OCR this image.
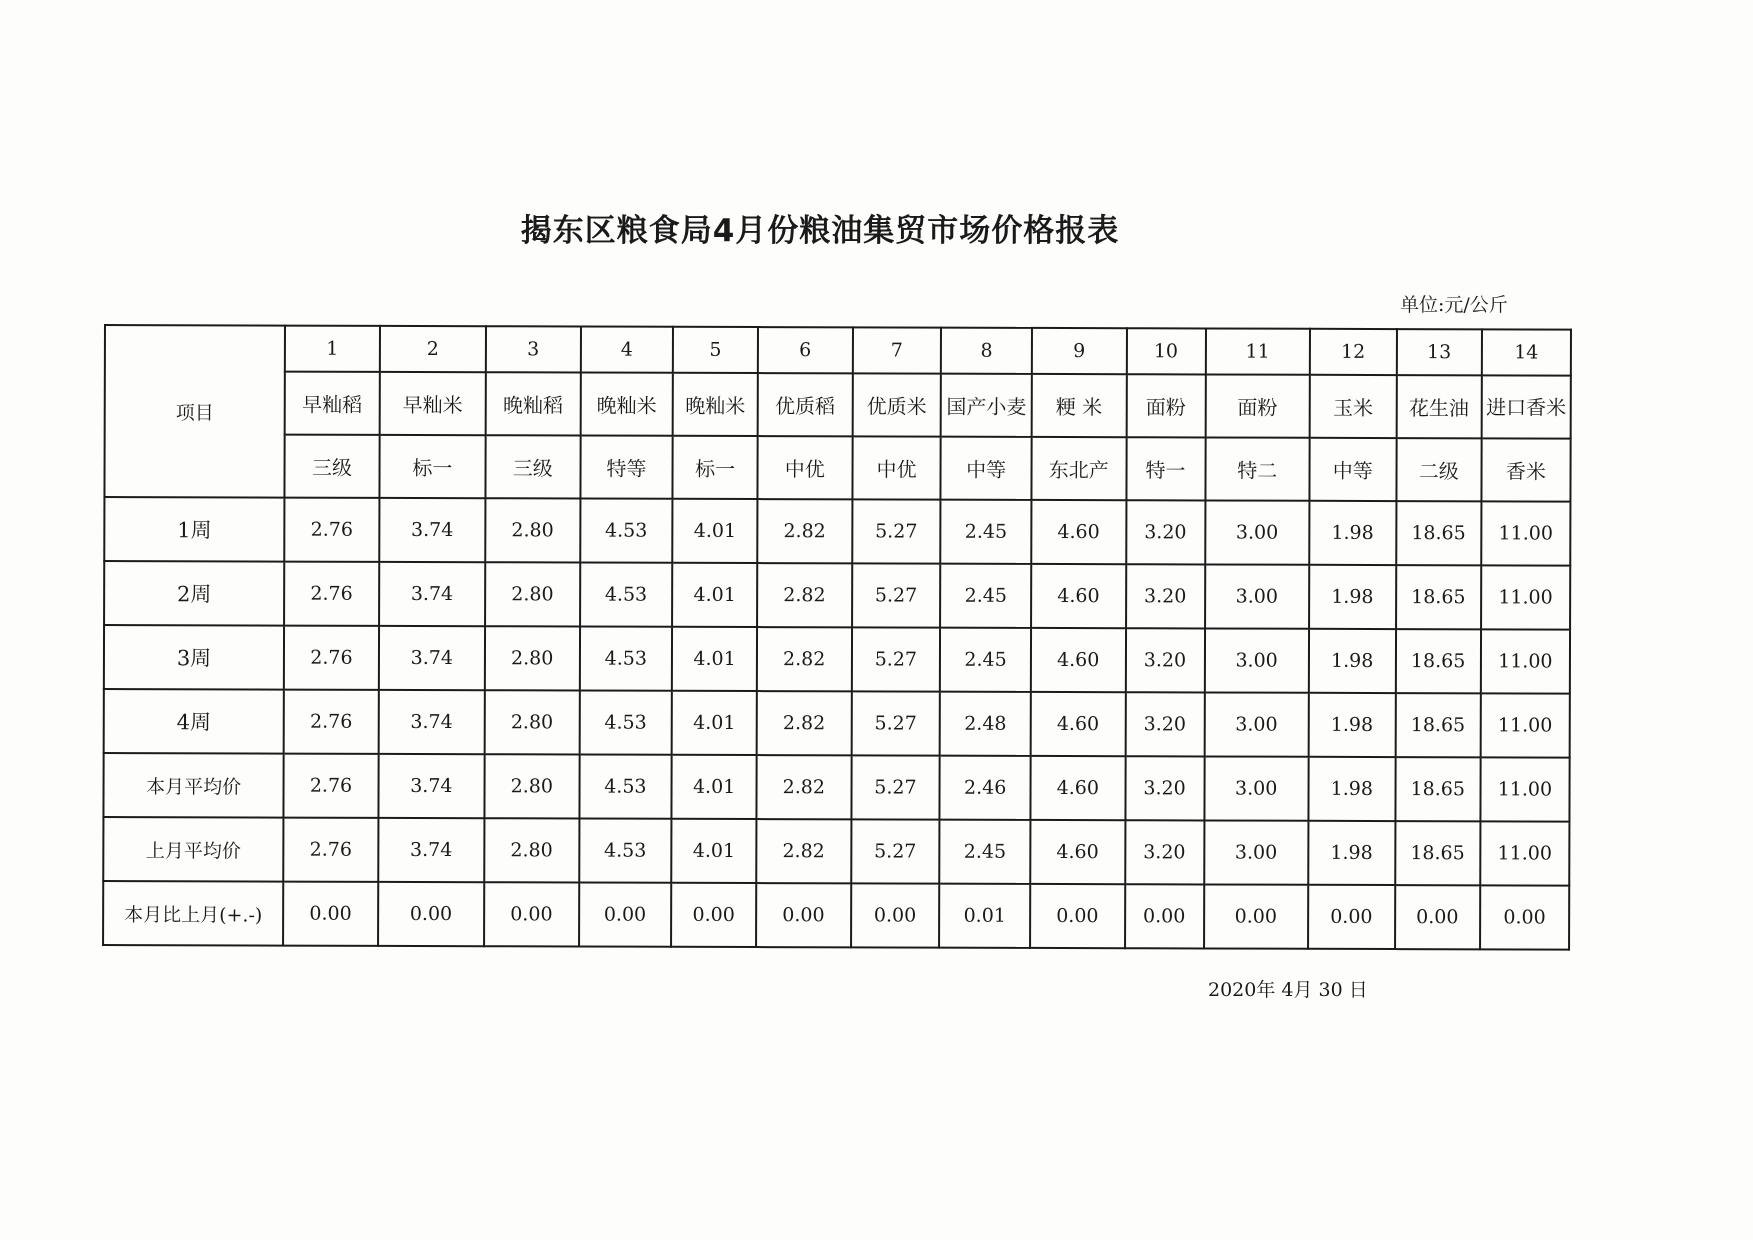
揭东区粮食局4月份粮油集贸市场价格报表
单位:元/公斤
项目	1	2	3	4	5	6	7	8	9	10	11	12	13	14
	早籼稻	早籼米	晚籼稻	晚籼米	晚籼米	优质稻	优质米	国产小麦	粳 米	面粉	面粉	玉米	花生油	进口香米
	三级	标一	三级	特等	标一	中优	中优	中等	东北产	特一	特二	中等	二级	香米
1周	2.76	3.74	2.80	4.53	4.01	2.82	5.27	2.45	4.60	3.20	3.00	1.98	18.65	11.00
2周	2.76	3.74	2.80	4.53	4.01	2.82	5.27	2.45	4.60	3.20	3.00	1.98	18.65	11.00
3周	2.76	3.74	2.80	4.53	4.01	2.82	5.27	2.45	4.60	3.20	3.00	1.98	18.65	11.00
4周	2.76	3.74	2.80	4.53	4.01	2.82	5.27	2.48	4.60	3.20	3.00	1.98	18.65	11.00
本月平均价	2.76	3.74	2.80	4.53	4.01	2.82	5.27	2.46	4.60	3.20	3.00	1.98	18.65	11.00
上月平均价	2.76	3.74	2.80	4.53	4.01	2.82	5.27	2.45	4.60	3.20	3.00	1.98	18.65	11.00
本月比上月(+.-)	0.00	0.00	0.00	0.00	0.00	0.00	0.00	0.01	0.00	0.00	0.00	0.00	0.00	0.00
2020年 4月 30 日
